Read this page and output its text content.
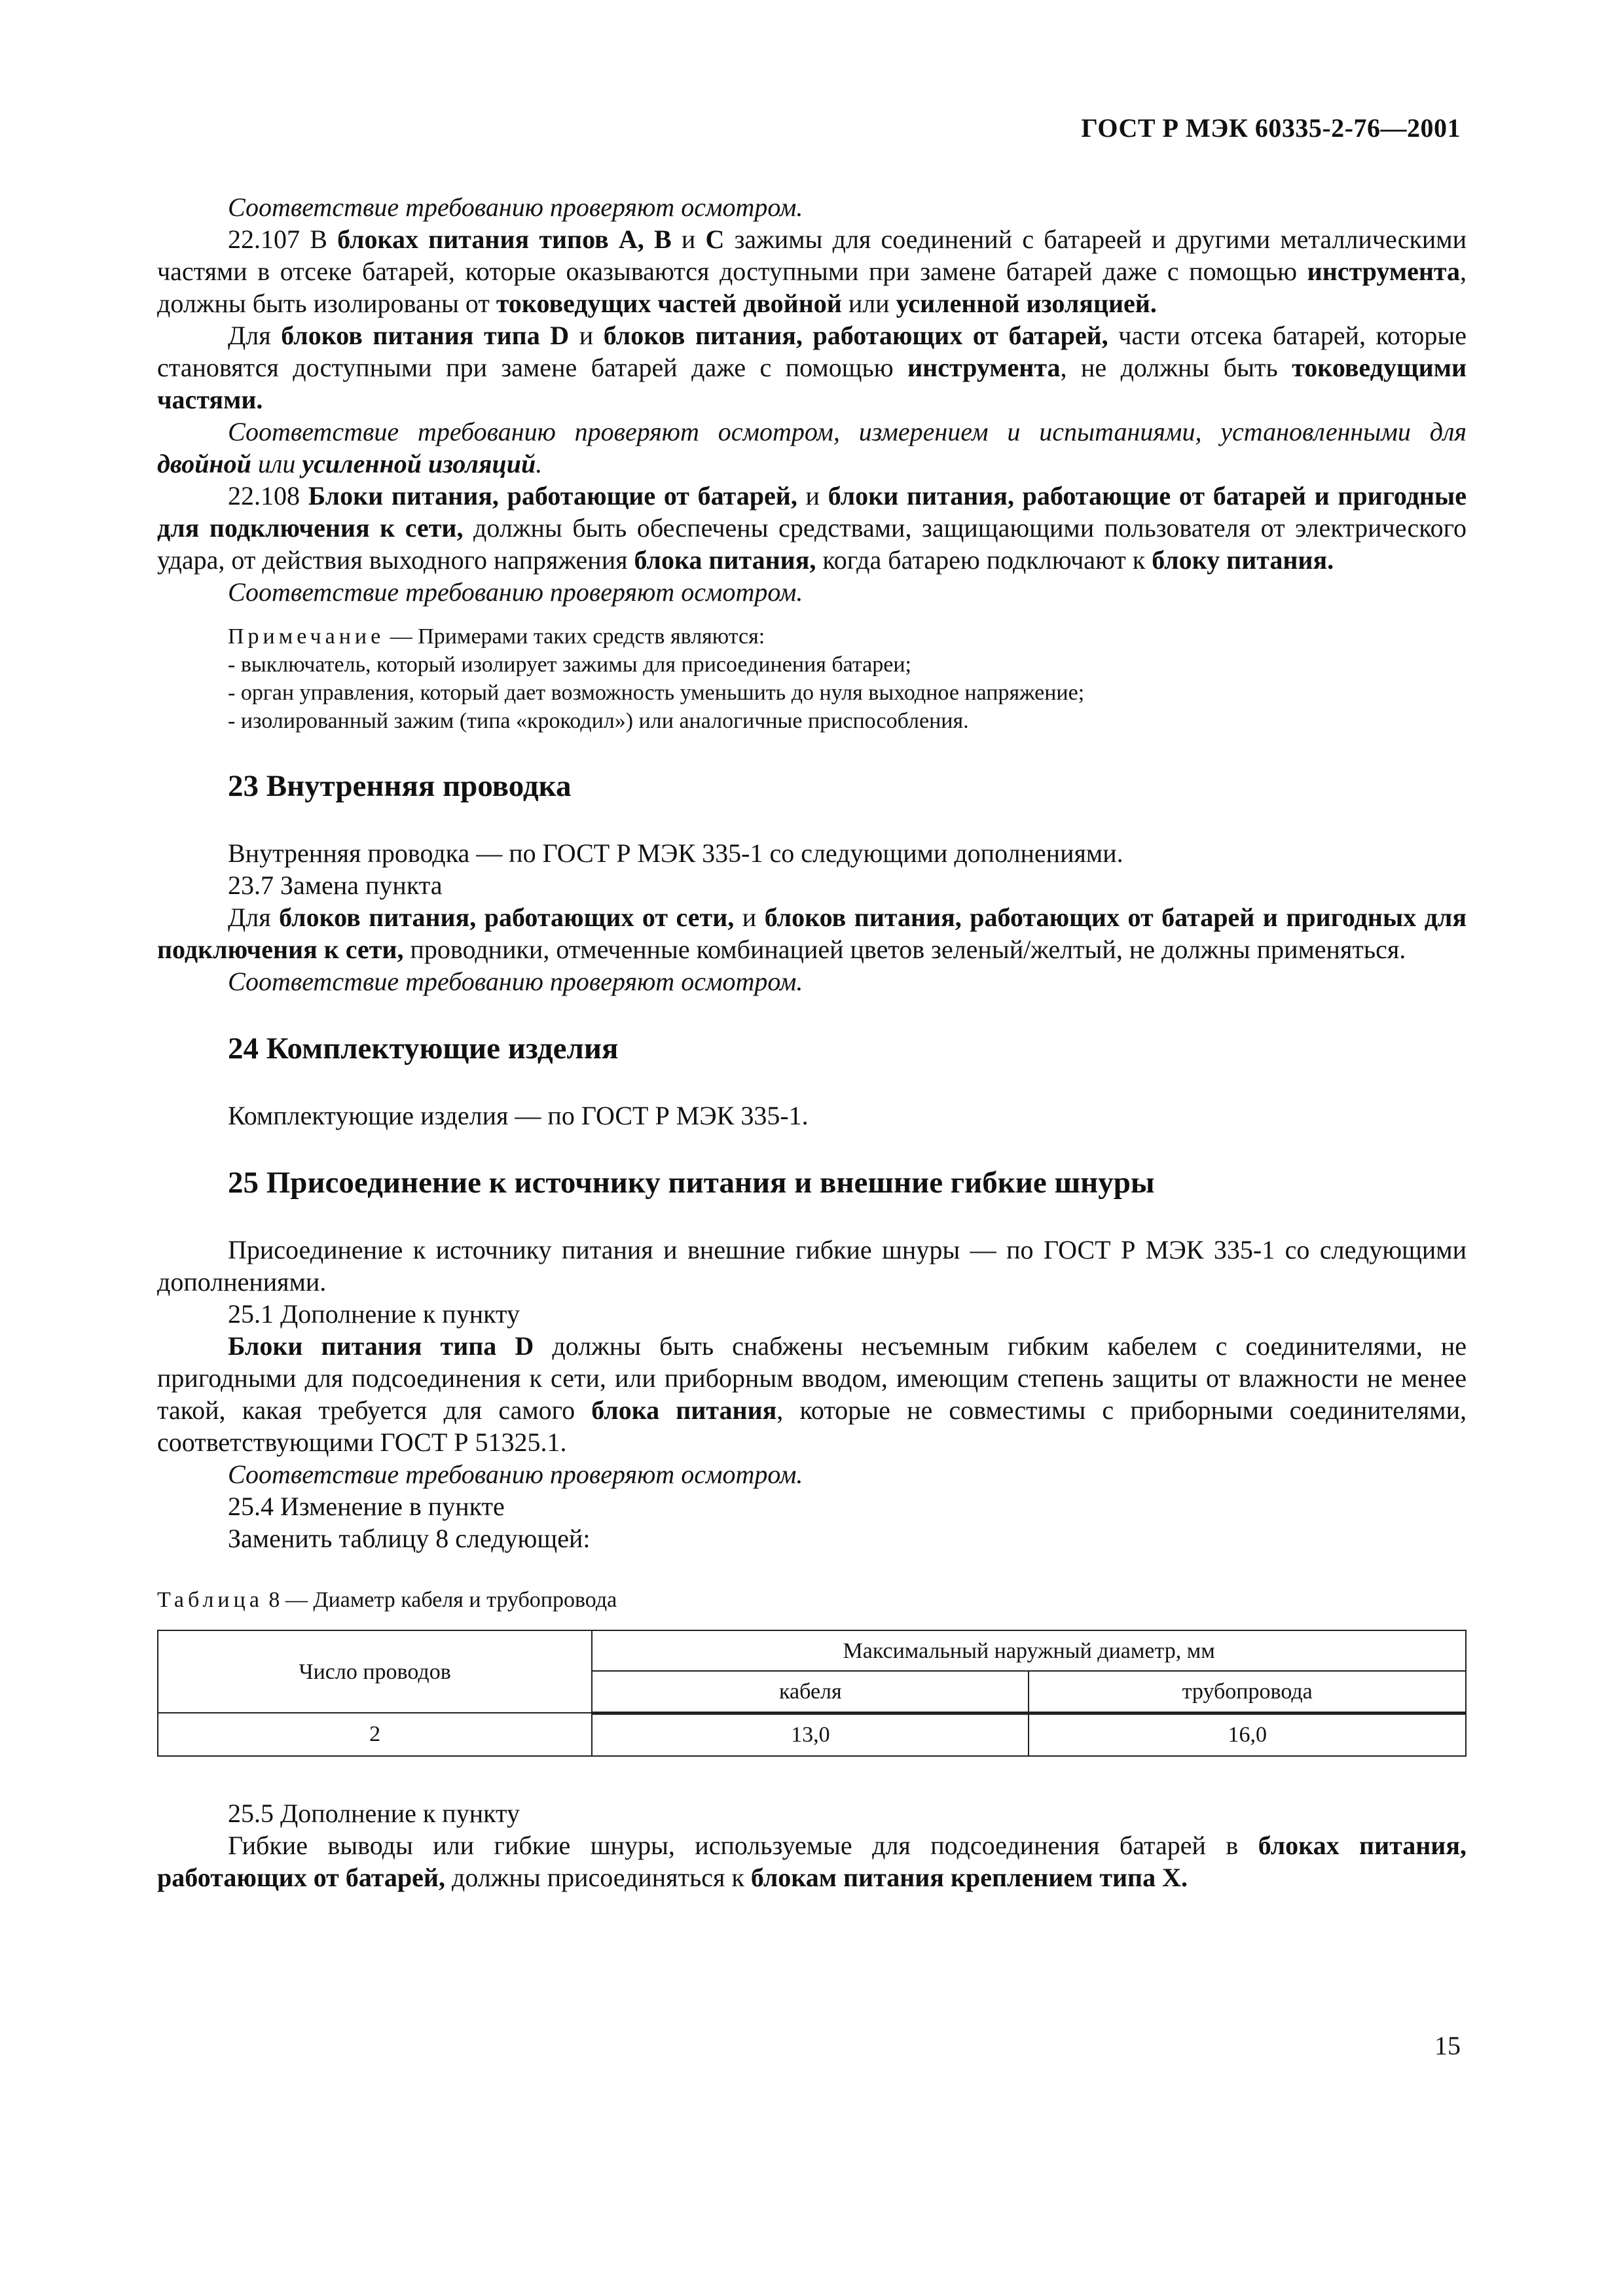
ГОСТ Р МЭК 60335-2-76—2001

Соответствие требованию проверяют осмотром.

22.107 В блоках питания типов A, B и C зажимы для соединений с батареей и другими металлическими частями в отсеке батарей, которые оказываются доступными при замене батарей даже с помощью инструмента, должны быть изолированы от токоведущих частей двойной или усиленной изоляцией.

Для блоков питания типа D и блоков питания, работающих от батарей, части отсека батарей, которые становятся доступными при замене батарей даже с помощью инструмента, не должны быть токоведущими частями.

Соответствие требованию проверяют осмотром, измерением и испытаниями, установленными для двойной или усиленной изоляций.

22.108 Блоки питания, работающие от батарей, и блоки питания, работающие от батарей и пригодные для подключения к сети, должны быть обеспечены средствами, защищающими пользователя от электрического удара, от действия выходного напряжения блока питания, когда батарею подключают к блоку питания.

Соответствие требованию проверяют осмотром.

Примечание — Примерами таких средств являются:

- выключатель, который изолирует зажимы для присоединения батареи;

- орган управления, который дает возможность уменьшить до нуля выходное напряжение;

- изолированный зажим (типа «крокодил») или аналогичные приспособления.

23 Внутренняя проводка

Внутренняя проводка — по ГОСТ Р МЭК 335-1 со следующими дополнениями.

23.7 Замена пункта

Для блоков питания, работающих от сети, и блоков питания, работающих от батарей и пригодных для подключения к сети, проводники, отмеченные комбинацией цветов зеленый/желтый, не должны применяться.

Соответствие требованию проверяют осмотром.

24 Комплектующие изделия

Комплектующие изделия — по ГОСТ Р МЭК 335-1.

25 Присоединение к источнику питания и внешние гибкие шнуры

Присоединение к источнику питания и внешние гибкие шнуры — по ГОСТ Р МЭК 335-1 со следующими дополнениями.

25.1 Дополнение к пункту

Блоки питания типа D должны быть снабжены несъемным гибким кабелем с соединителями, не пригодными для подсоединения к сети, или приборным вводом, имеющим степень защиты от влажности не менее такой, какая требуется для самого блока питания, которые не совместимы с приборными соединителями, соответствующими ГОСТ Р 51325.1.

Соответствие требованию проверяют осмотром.

25.4 Изменение в пункте

Заменить таблицу 8 следующей:

Таблица 8 — Диаметр кабеля и трубопровода

Число проводов	Максимальный наружный диаметр, мм	
	кабеля	трубопровода
2	13,0	16,0

25.5 Дополнение к пункту

Гибкие выводы или гибкие шнуры, используемые для подсоединения батарей в блоках питания, работающих от батарей, должны присоединяться к блокам питания креплением типа X.

15
